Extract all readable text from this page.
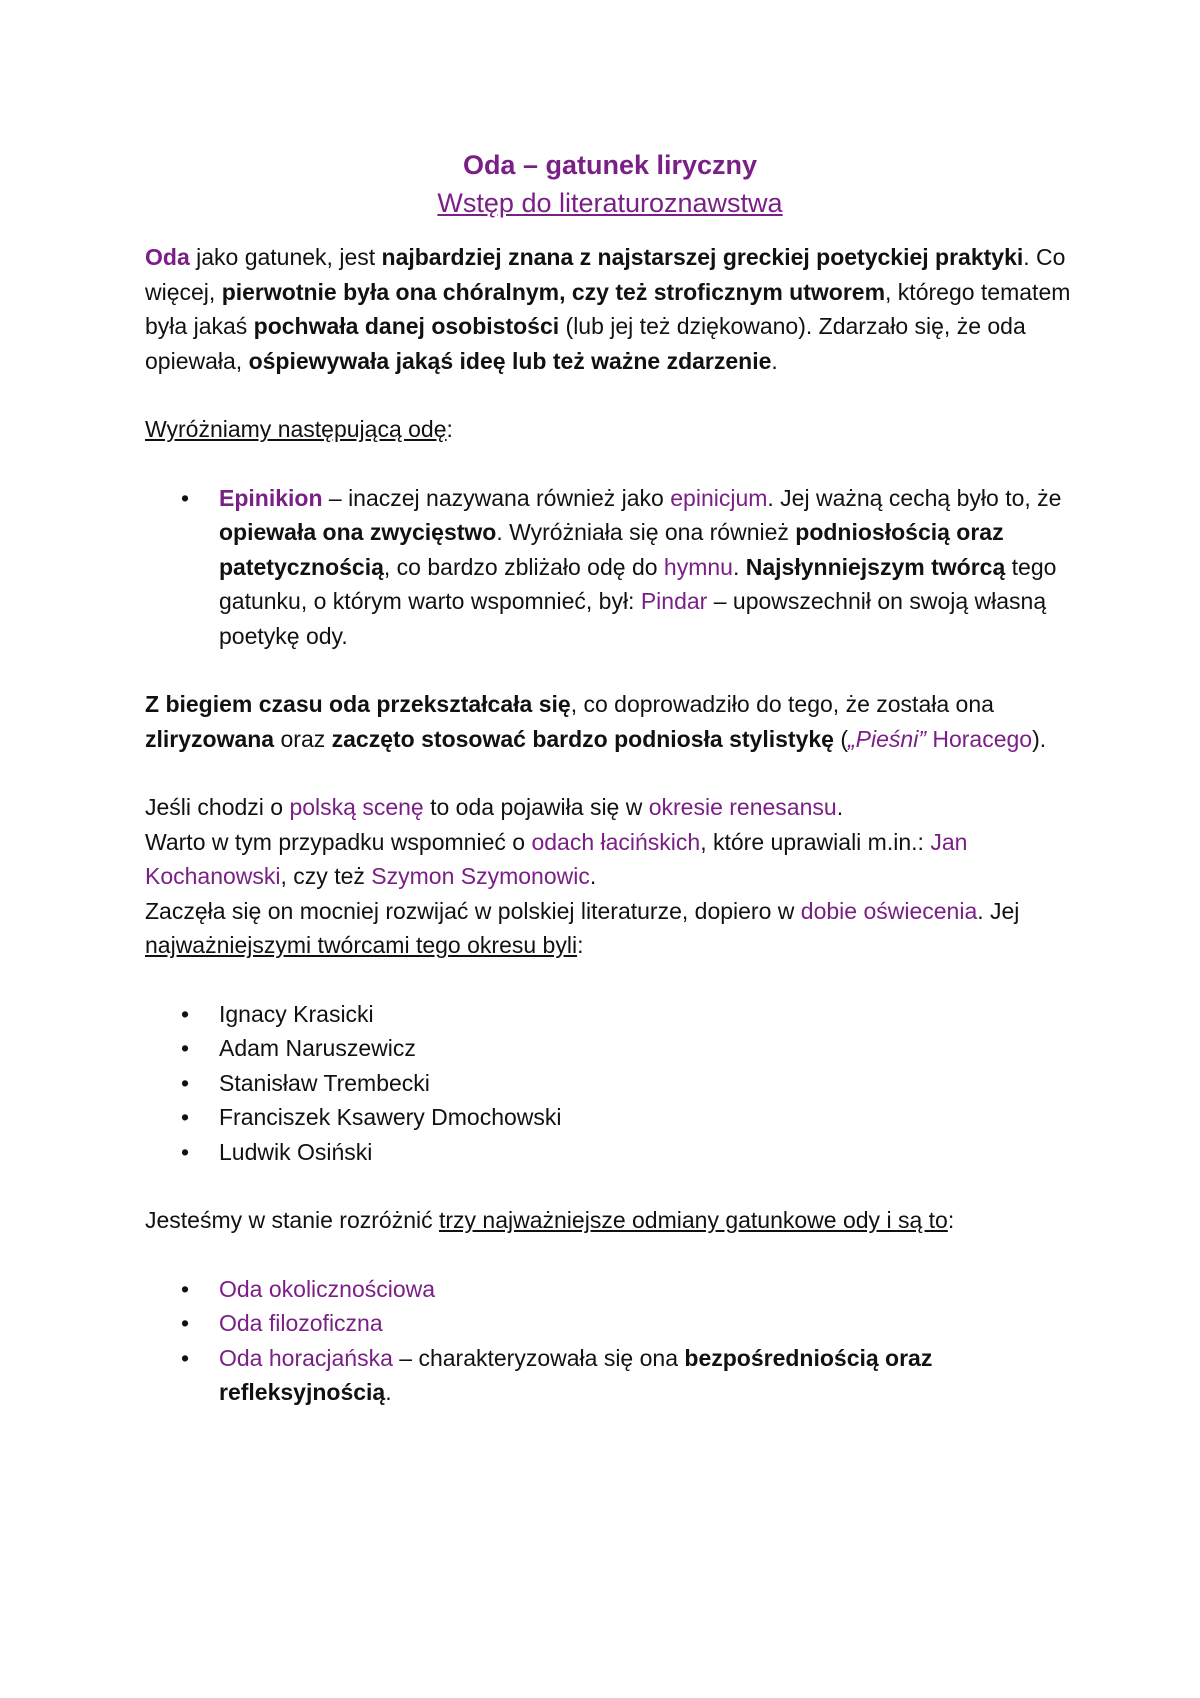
Oda – gatunek liryczny

Wstęp do literaturoznawstwa

Oda jako gatunek, jest najbardziej znana z najstarszej greckiej poetyckiej praktyki. Co więcej, pierwotnie była ona chóralnym, czy też stroficznym utworem, którego tematem była jakaś pochwała danej osobistości (lub jej też dziękowano). Zdarzało się, że oda opiewała, ośpiewywała jakąś ideę lub też ważne zdarzenie.

Wyróżniamy następującą odę:

• Epinikion – inaczej nazywana również jako epinicjum. Jej ważną cechą było to, że opiewała ona zwycięstwo. Wyróżniała się ona również podniosłością oraz patetycznością, co bardzo zbliżało odę do hymnu. Najsłynniejszym twórcą tego gatunku, o którym warto wspomnieć, był: Pindar – upowszechnił on swoją własną poetykę ody.

Z biegiem czasu oda przekształcała się, co doprowadziło do tego, że została ona zliryzowana oraz zaczęto stosować bardzo podniosła stylistykę („Pieśni” Horacego).

Jeśli chodzi o polską scenę to oda pojawiła się w okresie renesansu.

Warto w tym przypadku wspomnieć o odach łacińskich, które uprawiali m.in.: Jan Kochanowski, czy też Szymon Szymonowic.

Zaczęła się on mocniej rozwijać w polskiej literaturze, dopiero w dobie oświecenia. Jej najważniejszymi twórcami tego okresu byli:

• Ignacy Krasicki
• Adam Naruszewicz
• Stanisław Trembecki
• Franciszek Ksawery Dmochowski
• Ludwik Osiński

Jesteśmy w stanie rozróżnić trzy najważniejsze odmiany gatunkowe ody i są to:

• Oda okolicznościowa
• Oda filozoficzna
• Oda horacjańska – charakteryzowała się ona bezpośredniością oraz refleksyjnością.
